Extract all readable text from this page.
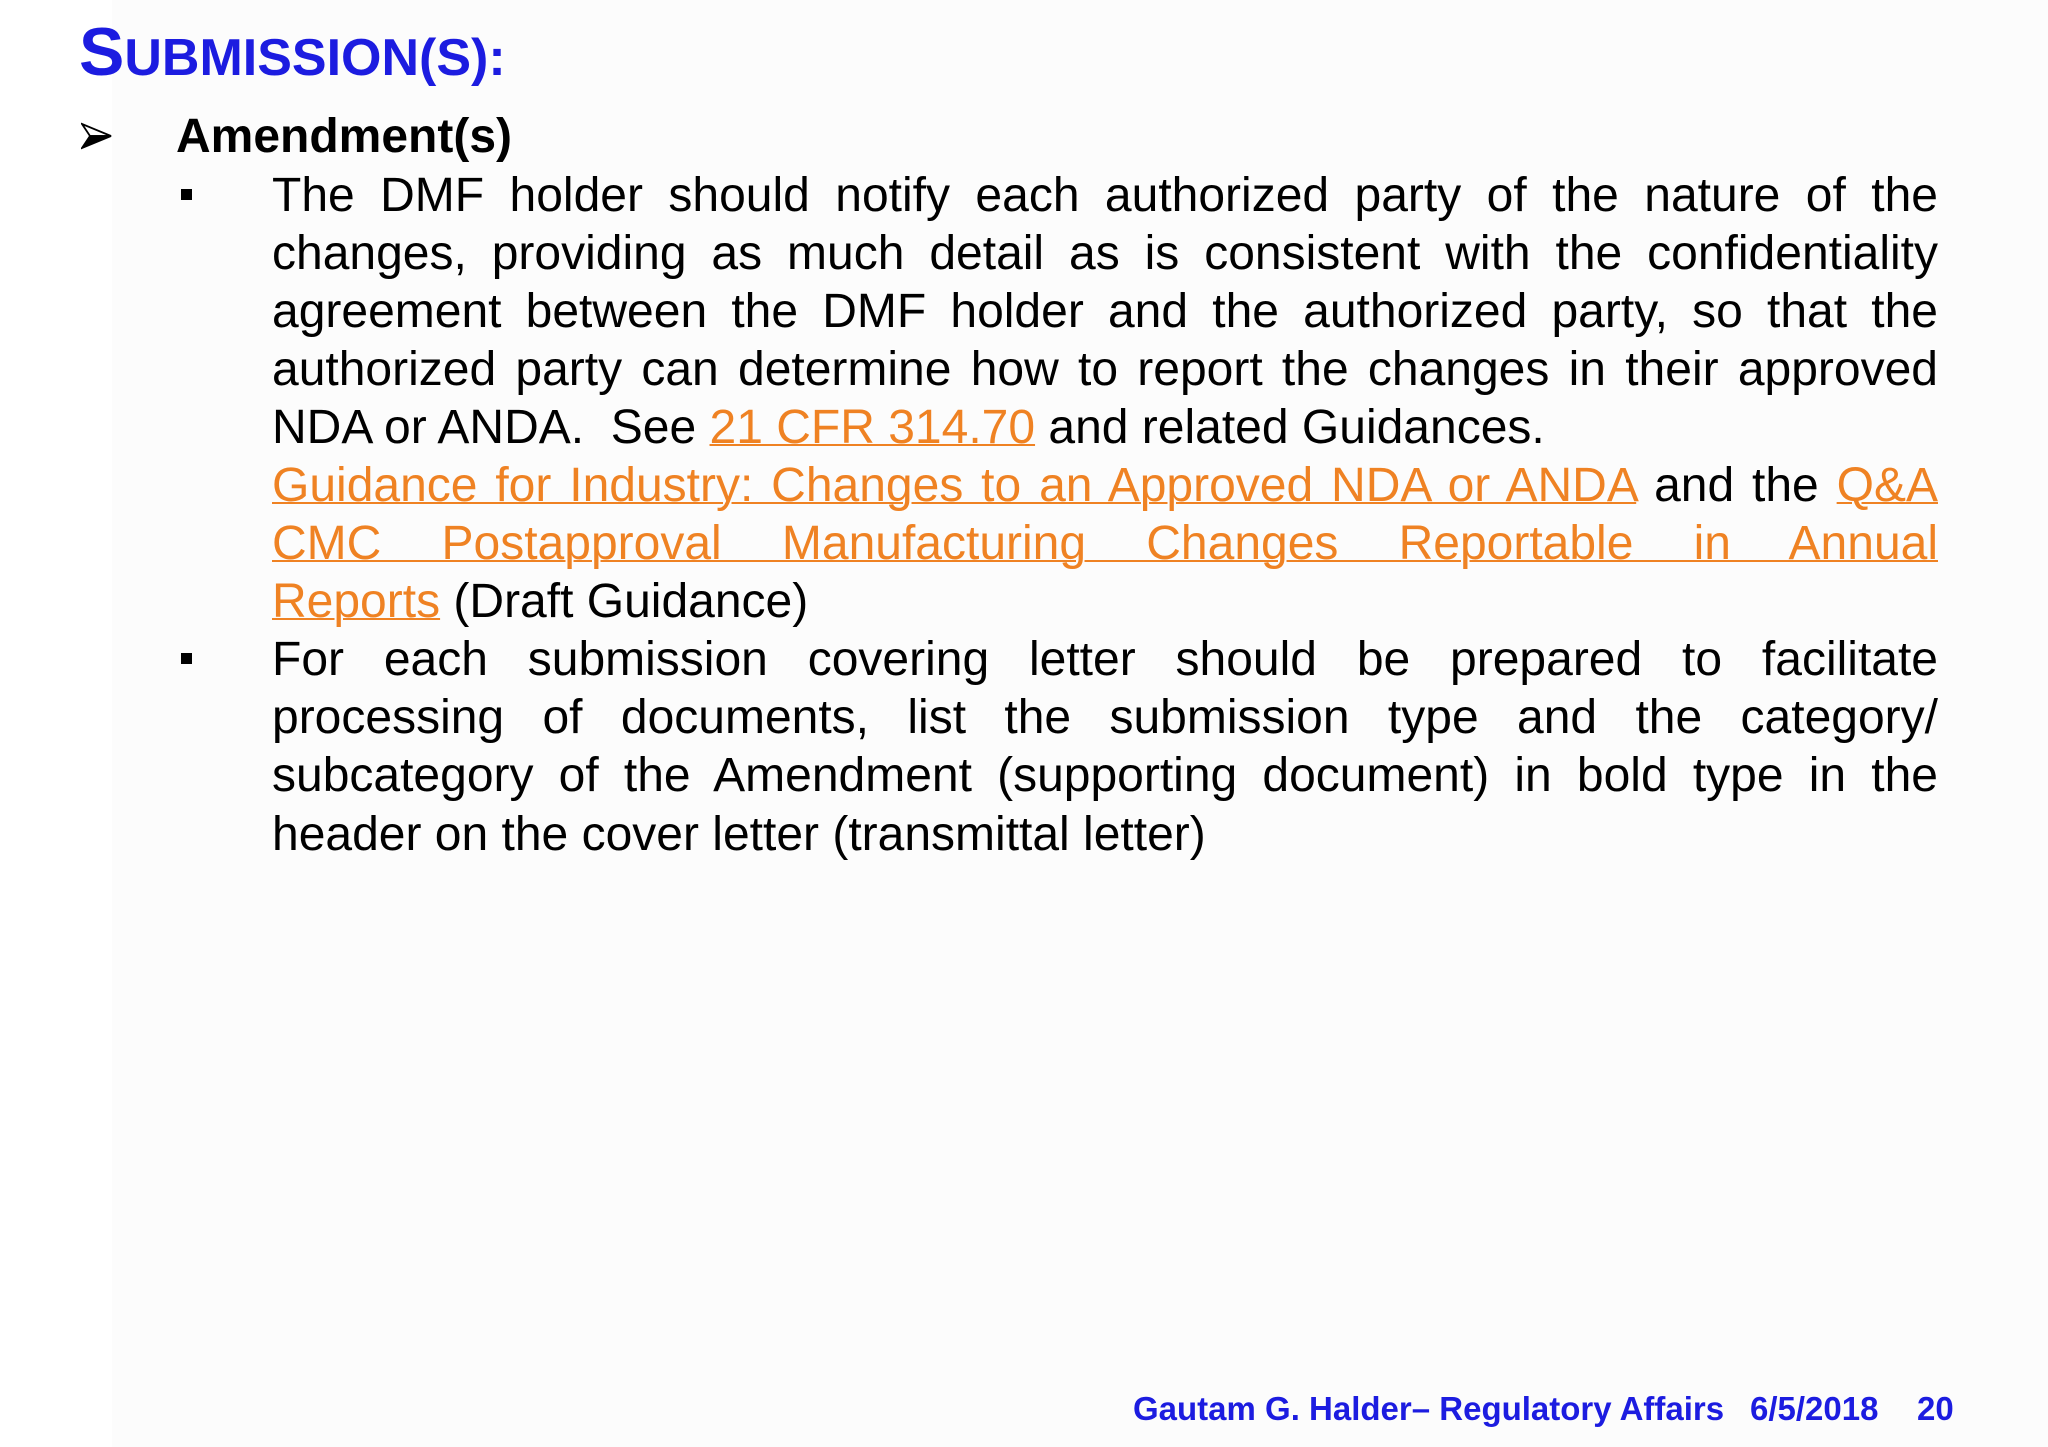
SUBMISSION(S):
Amendment(s)

The DMF holder should notify each authorized party of the nature of the changes, providing as much detail as is consistent with the confidentiality agreement between the DMF holder and the authorized party, so that the authorized party can determine how to report the changes in their approved NDA or ANDA.  See 21 CFR 314.70 and related Guidances.
Guidance for Industry: Changes to an Approved NDA or ANDA and the Q&A CMC Postapproval Manufacturing Changes Reportable in Annual Reports (Draft Guidance)

For each submission covering letter should be prepared to facilitate processing of documents, list the submission type and the category/ subcategory of the Amendment (supporting document) in bold type in the header on the cover letter (transmittal letter)

Gautam G. Halder– Regulatory Affairs 6/5/2018 20
